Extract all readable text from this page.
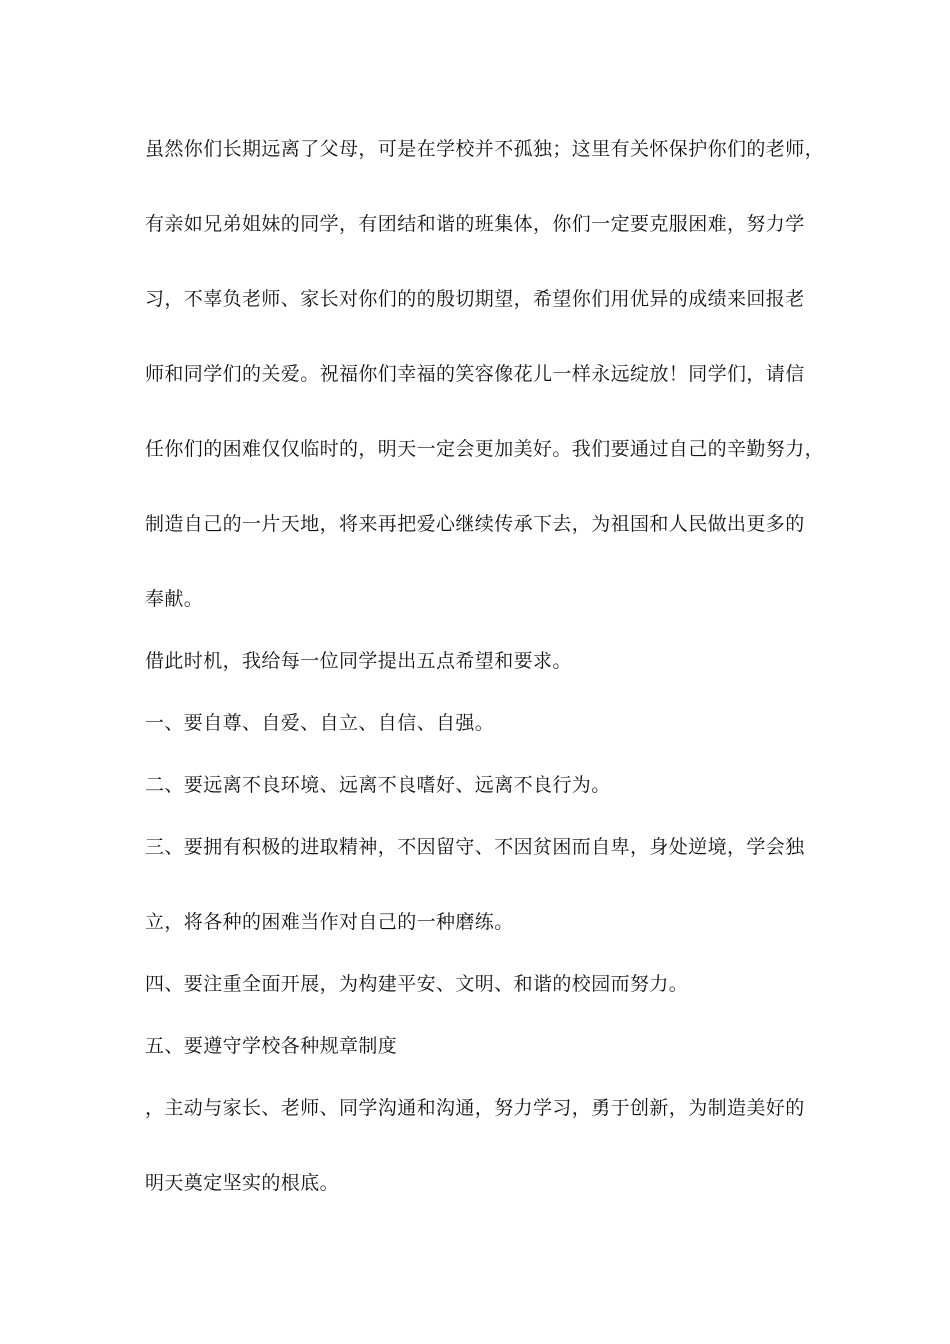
虽然你们长期远离了父母，可是在学校并不孤独；这里有关怀保护你们的老师，
有亲如兄弟姐妹的同学，有团结和谐的班集体，你们一定要克服困难，努力学
习，不辜负老师、家长对你们的的殷切期望，希望你们用优异的成绩来回报老
师和同学们的关爱。祝福你们幸福的笑容像花儿一样永远绽放！同学们，请信
任你们的困难仅仅临时的，明天一定会更加美好。我们要通过自己的辛勤努力，
制造自己的一片天地，将来再把爱心继续传承下去，为祖国和人民做出更多的
奉献。
借此时机，我给每一位同学提出五点希望和要求。
一、要自尊、自爱、自立、自信、自强。
二、要远离不良环境、远离不良嗜好、远离不良行为。
三、要拥有积极的进取精神，不因留守、不因贫困而自卑，身处逆境，学会独
立，将各种的困难当作对自己的一种磨练。
四、要注重全面开展，为构建平安、文明、和谐的校园而努力。
五、要遵守学校各种规章制度
，主动与家长、老师、同学沟通和沟通，努力学习，勇于创新，为制造美好的
明天奠定坚实的根底。
